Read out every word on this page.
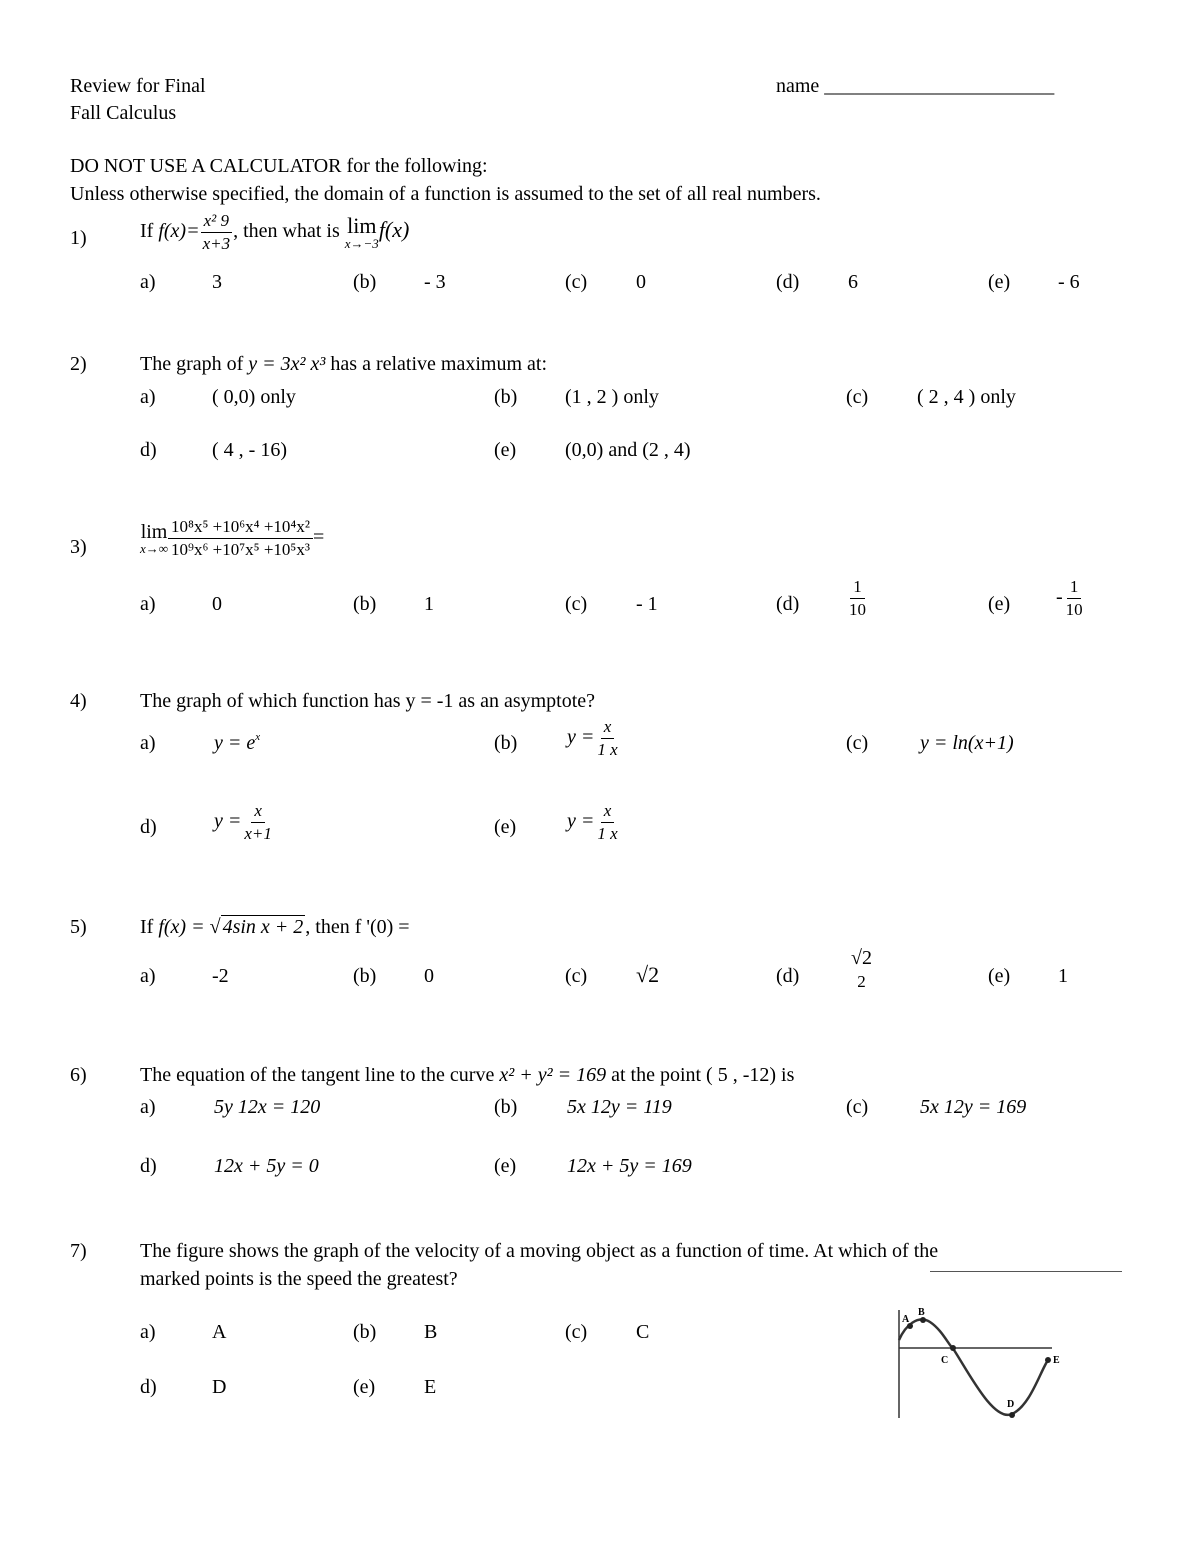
Review for Final
Fall Calculus
name _______________________
DO NOT USE A CALCULATOR for the following:
Unless otherwise specified, the domain of a function is assumed to the set of all real numbers.
1)	If $f(x)= \frac{\text{x² 9}}{x+3}$ , then what is lim
x→−3
f(x)
a)	3	(b) - 3	(c) 0	(d) 6	(e) - 6
2)	The graph of y = 3x² x³ has a relative maximum at:
a)	( 0,0) only	(b) (1 , 2 ) only	(c) ( 2 , 4 ) only
d)	( 4 , - 16)	(e) (0,0) and (2 , 4)
3)
lim
$x\to\infty \frac{\text{10⁸x⁵ +10⁶x⁴ +10⁴x²}}{\text{10⁹x⁶ +10⁷x⁵ +10⁵x³}}$ =
a)	0	(b) 1	(c) - 1	(d)	$\frac{1}{10}$	$(e) - \frac{1}{10}$
4)	The graph of which function has y = -1 as an asymptote?
a)	$y = e^x$	(b) $y = \frac{x}{1 x}$	(c)	y = ln(x+1)
d)	$y = \frac{x}{x+1}$	(e)	$y = \frac{x}{1 x}$
5)	If f(x) = √ 4sin x + 2 , then f '(0) =
a)	-2	(b) 0	(c) √2	(d)
√2
2	(e) 1
6)	The equation of the tangent line to the curve x² + y² = 169 at the point ( 5 , -12) is
a)	5y 12x = 120	(b) 5x 12y = 119	(c)	5x 12y = 169
d)	12x + 5y = 0	(e)	12x + 5y = 169
7)	The figure shows the graph of the velocity of a moving object as a function of time. At which of the
marked points is the speed the greatest?
a)	A	(b) B	(c) C
d)	D	(e) E
A
B
C
D
E
